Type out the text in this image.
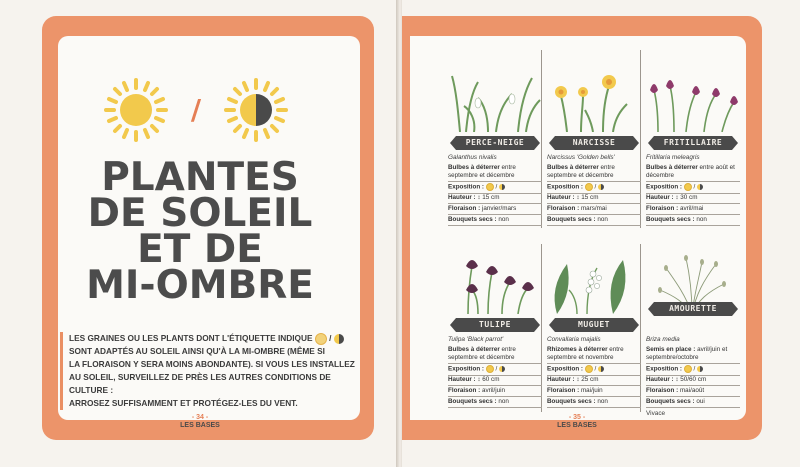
/
PLANTES
DE SOLEIL
ET DE
MI-OMBRE
LES GRAINES OU LES PLANTS DONT L'ÉTIQUETTE INDIQUE  /
SONT ADAPTÉS AU SOLEIL AINSI QU'À LA MI-OMBRE (MÊME SI
LA FLORAISON Y SERA MOINS ABONDANTE). SI VOUS LES INSTALLEZ
AU SOLEIL, SURVEILLEZ DE PRÈS LES AUTRES CONDITIONS DE CULTURE :
ARROSEZ SUFFISAMMENT ET PROTÉGEZ-LES DU VENT.
- 34 -
LES BASES
PERCE-NEIGE
Galanthus nivalis
Bulbes à déterrer entre septembre et décembre
Exposition :  /
Hauteur : ↕ 15 cm
Floraison : janvier/mars
Bouquets secs : non
NARCISSE
Narcissus 'Golden bells'
Bulbes à déterrer entre septembre et décembre
Exposition :  /
Hauteur : ↕ 15 cm
Floraison : mars/mai
Bouquets secs : non
FRITILLAIRE
Fritillaria meleagris
Bulbes à déterrer entre août et décembre
Exposition :  /
Hauteur : ↕ 30 cm
Floraison : avril/mai
Bouquets secs : non
TULIPE
Tulipa 'Black parrot'
Bulbes à déterrer entre septembre et décembre
Exposition :  /
Hauteur : ↕ 60 cm
Floraison : avril/juin
Bouquets secs : non
MUGUET
Convallaria majalis
Rhizomes à déterrer entre septembre et novembre
Exposition :  /
Hauteur : ↕ 25 cm
Floraison : mai/juin
Bouquets secs : non
AMOURETTE
Briza media
Semis en place : avril/juin et septembre/octobre
Exposition :  /
Hauteur : ↕ 50/60 cm
Floraison : mai/août
Bouquets secs : oui
Vivace
- 35 -
LES BASES
